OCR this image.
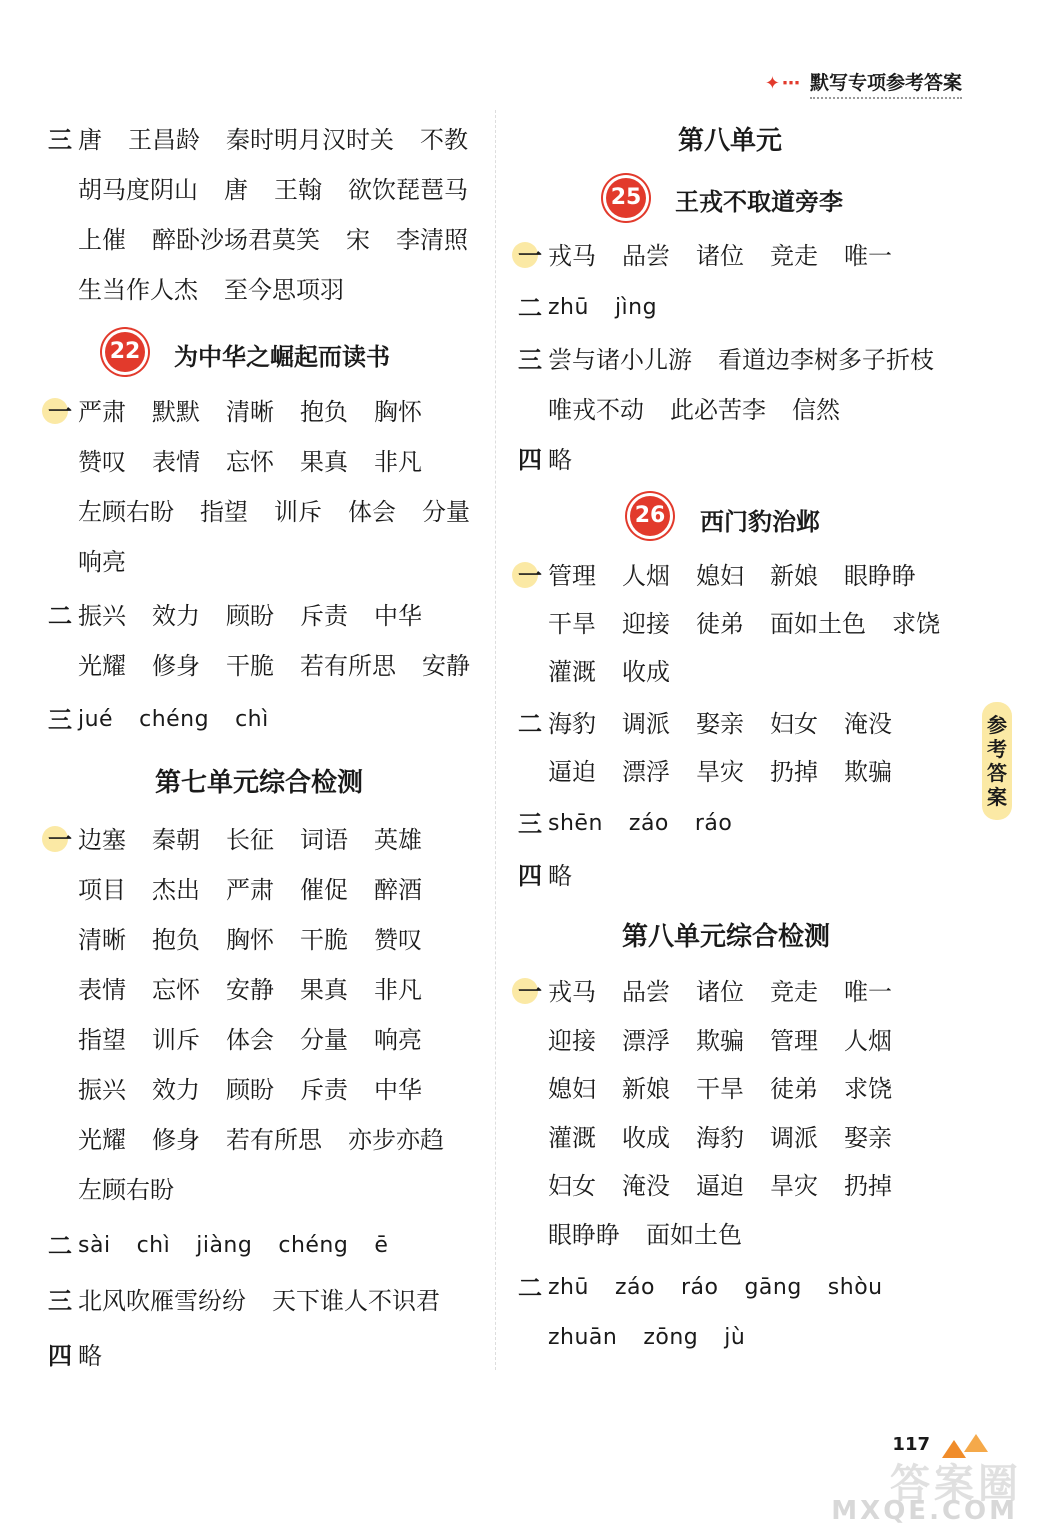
✦⋯ 默写专项参考答案
三 唐 王昌龄 秦时明月汉时关 不教
胡马度阴山 唐 王翰 欲饮琵琶马
上催 醉卧沙场君莫笑 宋 李清照
生当作人杰 至今思项羽
22 为中华之崛起而读书
一 严肃 默默 清晰 抱负 胸怀
赞叹 表情 忘怀 果真 非凡
左顾右盼 指望 训斥 体会 分量
响亮
二 振兴 效力 顾盼 斥责 中华
光耀 修身 干脆 若有所思 安静
三 jué chéng chì
第七单元综合检测
一 边塞 秦朝 长征 词语 英雄
项目 杰出 严肃 催促 醉酒
清晰 抱负 胸怀 干脆 赞叹
表情 忘怀 安静 果真 非凡
指望 训斥 体会 分量 响亮
振兴 效力 顾盼 斥责 中华
光耀 修身 若有所思 亦步亦趋
左顾右盼
二 sài chì jiàng chéng ē
三 北风吹雁雪纷纷 天下谁人不识君
四 略
第八单元
25 王戎不取道旁李
一 戎马 品尝 诸位 竞走 唯一
二 zhū jìng
三 尝与诸小儿游 看道边李树多子折枝
唯戎不动 此必苦李 信然
四 略
26 西门豹治邺
一 管理 人烟 媳妇 新娘 眼睁睁
干旱 迎接 徒弟 面如土色 求饶
灌溉 收成
二 海豹 调派 娶亲 妇女 淹没
逼迫 漂浮 旱灾 扔掉 欺骗
三 shēn záo ráo
四 略
第八单元综合检测
一 戎马 品尝 诸位 竞走 唯一
迎接 漂浮 欺骗 管理 人烟
媳妇 新娘 干旱 徒弟 求饶
灌溉 收成 海豹 调派 娶亲
妇女 淹没 逼迫 旱灾 扔掉
眼睁睁 面如土色
二 zhū záo ráo gāng shòu
zhuān zōng jù
参
考
答
案
117
答案圈
MXQE.COM
